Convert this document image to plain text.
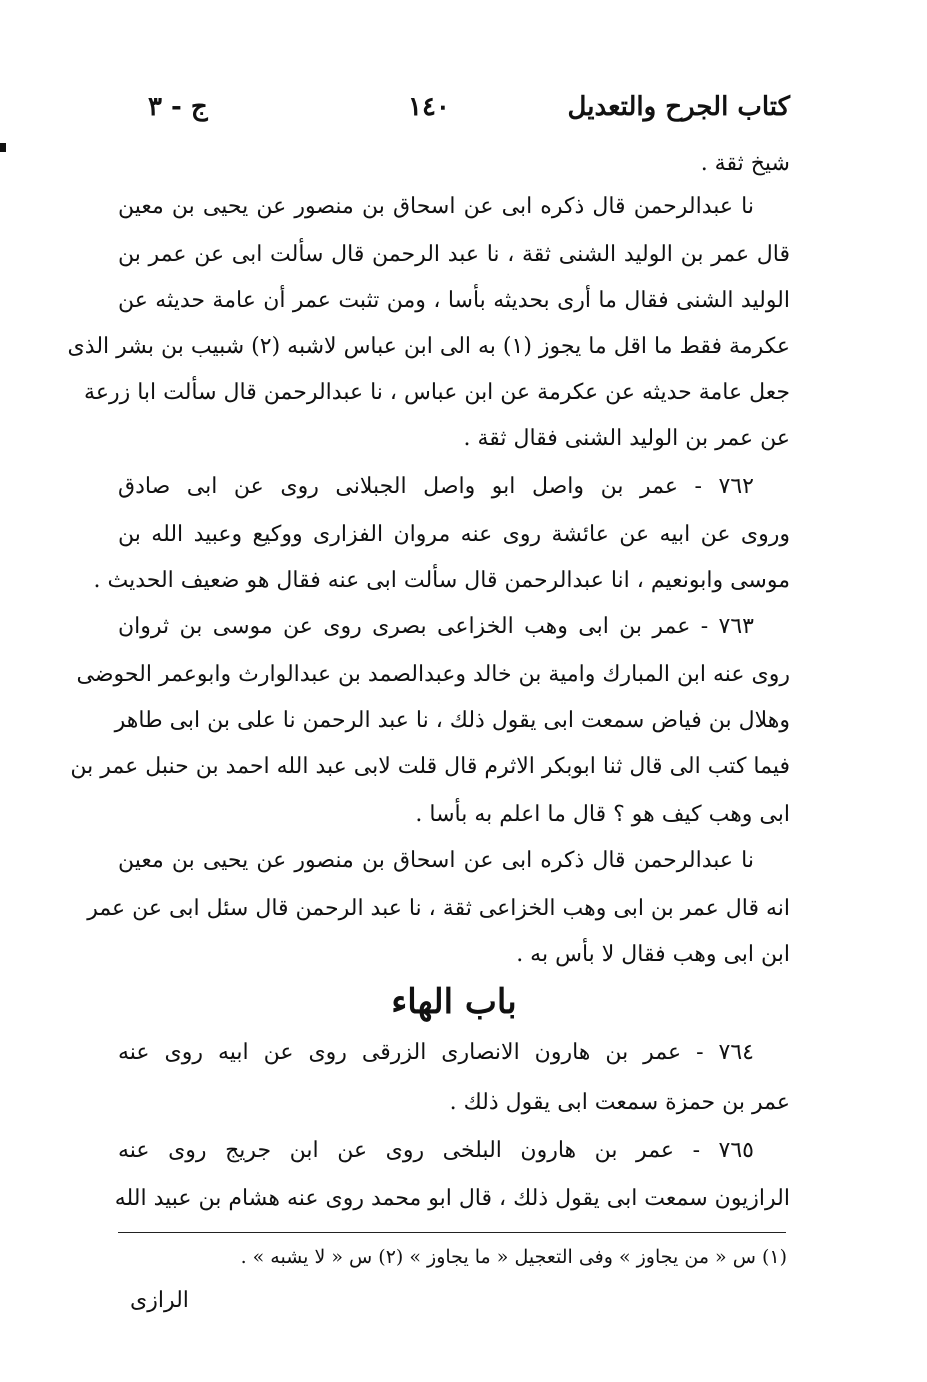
كتاب الجرح والتعديل
١٤٠
ج - ٣
شيخ ثقة .
نا عبدالرحمن قال ذكره ابى عن اسحاق بن منصور عن يحيى بن معين
قال عمر بن الوليد الشنى ثقة ، نا عبد الرحمن قال سألت ابى عن عمر بن
الوليد الشنى فقال ما أرى بحديثه بأسا ، ومن تثبت عمر أن عامة حديثه عن
عكرمة فقط ما اقل ما يجوز (١) به الى ابن عباس لاشبه (٢) شبيب بن بشر الذى
جعل عامة حديثه عن عكرمة عن ابن عباس ، نا عبدالرحمن قال سألت ابا زرعة
عن عمر بن الوليد الشنى فقال ثقة .
٧٦٢ - عمر بن واصل ابو واصل الجبلانى روى عن ابى صادق
وروى عن ابيه عن عائشة روى عنه مروان الفزارى ووكيع وعبيد الله بن
موسى وابونعيم ، انا عبدالرحمن قال سألت ابى عنه فقال هو ضعيف الحديث .
٧٦٣ - عمر بن ابى وهب الخزاعى بصرى روى عن موسى بن ثروان
روى عنه ابن المبارك وامية بن خالد وعبدالصمد بن عبدالوارث وابوعمر الحوضى
وهلال بن فياض سمعت ابى يقول ذلك ، نا عبد الرحمن نا على بن ابى طاهر
فيما كتب الى قال ثنا ابوبكر الاثرم قال قلت لابى عبد الله احمد بن حنبل عمر بن
ابى وهب كيف هو ؟ قال ما اعلم به بأسا .
نا عبدالرحمن قال ذكره ابى عن اسحاق بن منصور عن يحيى بن معين
انه قال عمر بن ابى وهب الخزاعى ثقة ، نا عبد الرحمن قال سئل ابى عن عمر
ابن ابى وهب فقال لا بأس به .
باب الهاء
٧٦٤ - عمر بن هارون الانصارى الزرقى روى عن ابيه روى عنه
عمر بن حمزة سمعت ابى يقول ذلك .
٧٦٥ - عمر بن هارون البلخى روى عن ابن جريج روى عنه
الرازيون سمعت ابى يقول ذلك ، قال ابو محمد روى عنه هشام بن عبيد الله
(١) س « من يجاوز » وفى التعجيل « ما يجاوز » (٢) س « لا يشبه » .
الرازى
